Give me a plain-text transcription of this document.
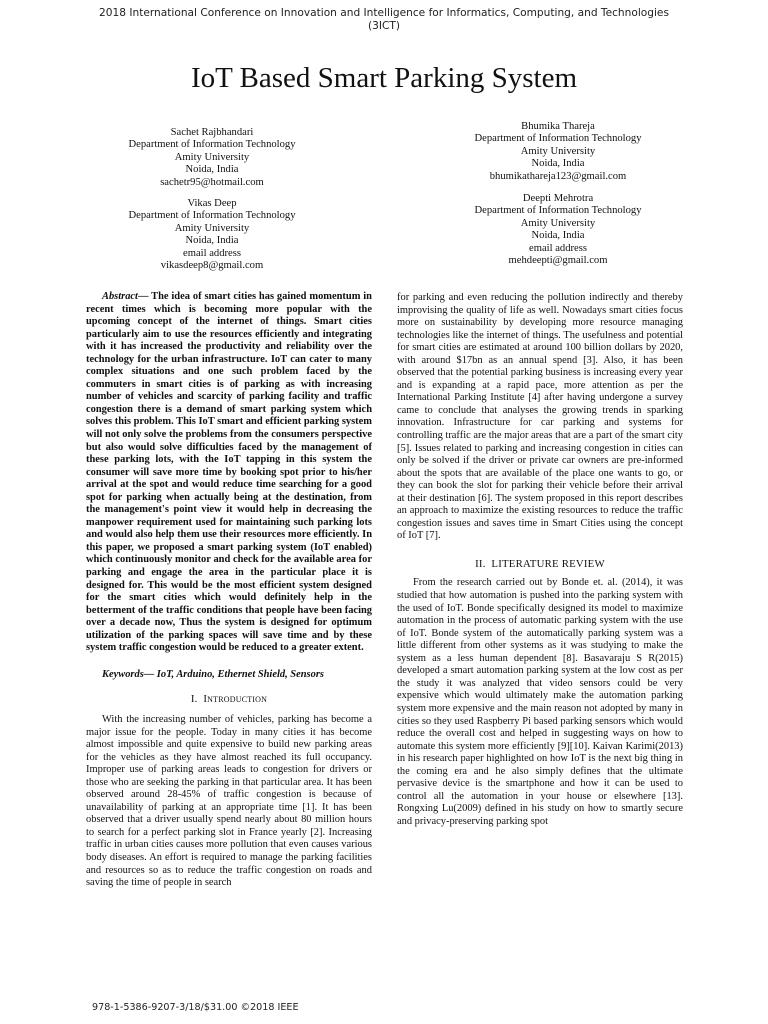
2018 International Conference on Innovation and Intelligence for Informatics, Computing, and Technologies
(3ICT)
IoT Based Smart Parking System
Sachet Rajbhandari
Department of Information Technology
Amity University
Noida, India
sachetr95@hotmail.com
Bhumika Thareja
Department of Information Technology
Amity University
Noida, India
bhumikathareja123@gmail.com
Vikas Deep
Department of Information Technology
Amity University
Noida, India
email address
vikasdeep8@gmail.com
Deepti Mehrotra
Department of Information Technology
Amity University
Noida, India
email address
mehdeepti@gmail.com

Abstract— The idea of smart cities has gained momentum in recent times which is becoming more popular with the upcoming concept of the internet of things. Smart cities particularly aim to use the resources efficiently and integrating with it has increased the productivity and reliability over the technology for the urban infrastructure. IoT can cater to many complex situations and one such problem faced by the commuters in smart cities is of parking as with increasing number of vehicles and scarcity of parking facility and traffic congestion there is a demand of smart parking system which solves this problem. This IoT smart and efficient parking system will not only solve the problems from the consumers perspective but also would solve difficulties faced by the management of these parking lots, with the IoT tapping in this system the consumer will save more time by booking spot prior to his/her arrival at the spot and would reduce time searching for a good spot for parking when actually being at the destination, from the management's point view it would help in decreasing the manpower requirement used for maintaining such parking lots and would also help them use their resources more efficiently. In this paper, we proposed a smart parking system (IoT enabled) which continuously monitor and check for the available area for parking and engage the area in the particular place it is designed for. This would be the most efficient system designed for the smart cities which would definitely help in the betterment of the traffic conditions that people have been facing over a decade now, Thus the system is designed for optimum utilization of the parking spaces will save time and by these system traffic congestion would be reduced to a greater extent.

Keywords— IoT, Arduino, Ethernet Shield, Sensors

I. Introduction

With the increasing number of vehicles, parking has become a major issue for the people. Today in many cities it has become almost impossible and quite expensive to build new parking areas for the vehicles as they have almost reached its full occupancy. Improper use of parking areas leads to congestion for drivers or those who are seeking the parking in that particular area. It has been observed around 28-45% of traffic congestion is because of unavailability of parking at an appropriate time [1]. It has been observed that a driver usually spend nearly about 80 million hours to search for a perfect parking slot in France yearly [2]. Increasing traffic in urban cities causes more pollution that even causes various body diseases. An effort is required to manage the parking facilities and resources so as to reduce the traffic congestion on roads and saving the time of people in search

for parking and even reducing the pollution indirectly and thereby improvising the quality of life as well. Nowadays smart cities focus more on sustainability by developing more resource managing technologies like the internet of things. The usefulness and potential for smart cities are estimated at around 100 billion dollars by 2020, with around $17bn as an annual spend [3]. Also, it has been observed that the potential parking business is increasing every year and is expanding at a rapid pace, more attention as per the International Parking Institute [4] after having undergone a survey came to conclude that analyses the growing trends in sparking innovation. Infrastructure for car parking and systems for controlling traffic are the major areas that are a part of the smart city [5]. Issues related to parking and increasing congestion in cities can only be solved if the driver or private car owners are pre-informed about the spots that are available of the place one wants to go, or they can book the slot for parking their vehicle before their arrival at their destination [6]. The system proposed in this report describes an approach to maximize the existing resources to reduce the traffic congestion issues and saves time in Smart Cities using the concept of IoT [7].

II. LITERATURE REVIEW

From the research carried out by Bonde et. al. (2014), it was studied that how automation is pushed into the parking system with the used of IoT. Bonde specifically designed its model to maximize automation in the process of automatic parking system with the use of IoT. Bonde system of the automatically parking system was a little different from other systems as it was studying to make the system as a less human dependent [8]. Basavaraju S R(2015) developed a smart automation parking system at the low cost as per the study it was analyzed that video sensors could be very expensive which would ultimately make the automation parking system more expensive and the main reason not adopted by many in cities so they used Raspberry Pi based parking sensors which would reduce the overall cost and helped in suggesting ways on how to automate this system more efficiently [9][10]. Kaivan Karimi(2013) in his research paper highlighted on how IoT is the next big thing in the coming era and he also simply defines that the ultimate pervasive device is the smartphone and how it can be used to control all the automation in your house or elsewhere [13]. Rongxing Lu(2009) defined in his study on how to smartly secure and privacy-preserving parking spot

978-1-5386-9207-3/18/$31.00 ©2018 IEEE
